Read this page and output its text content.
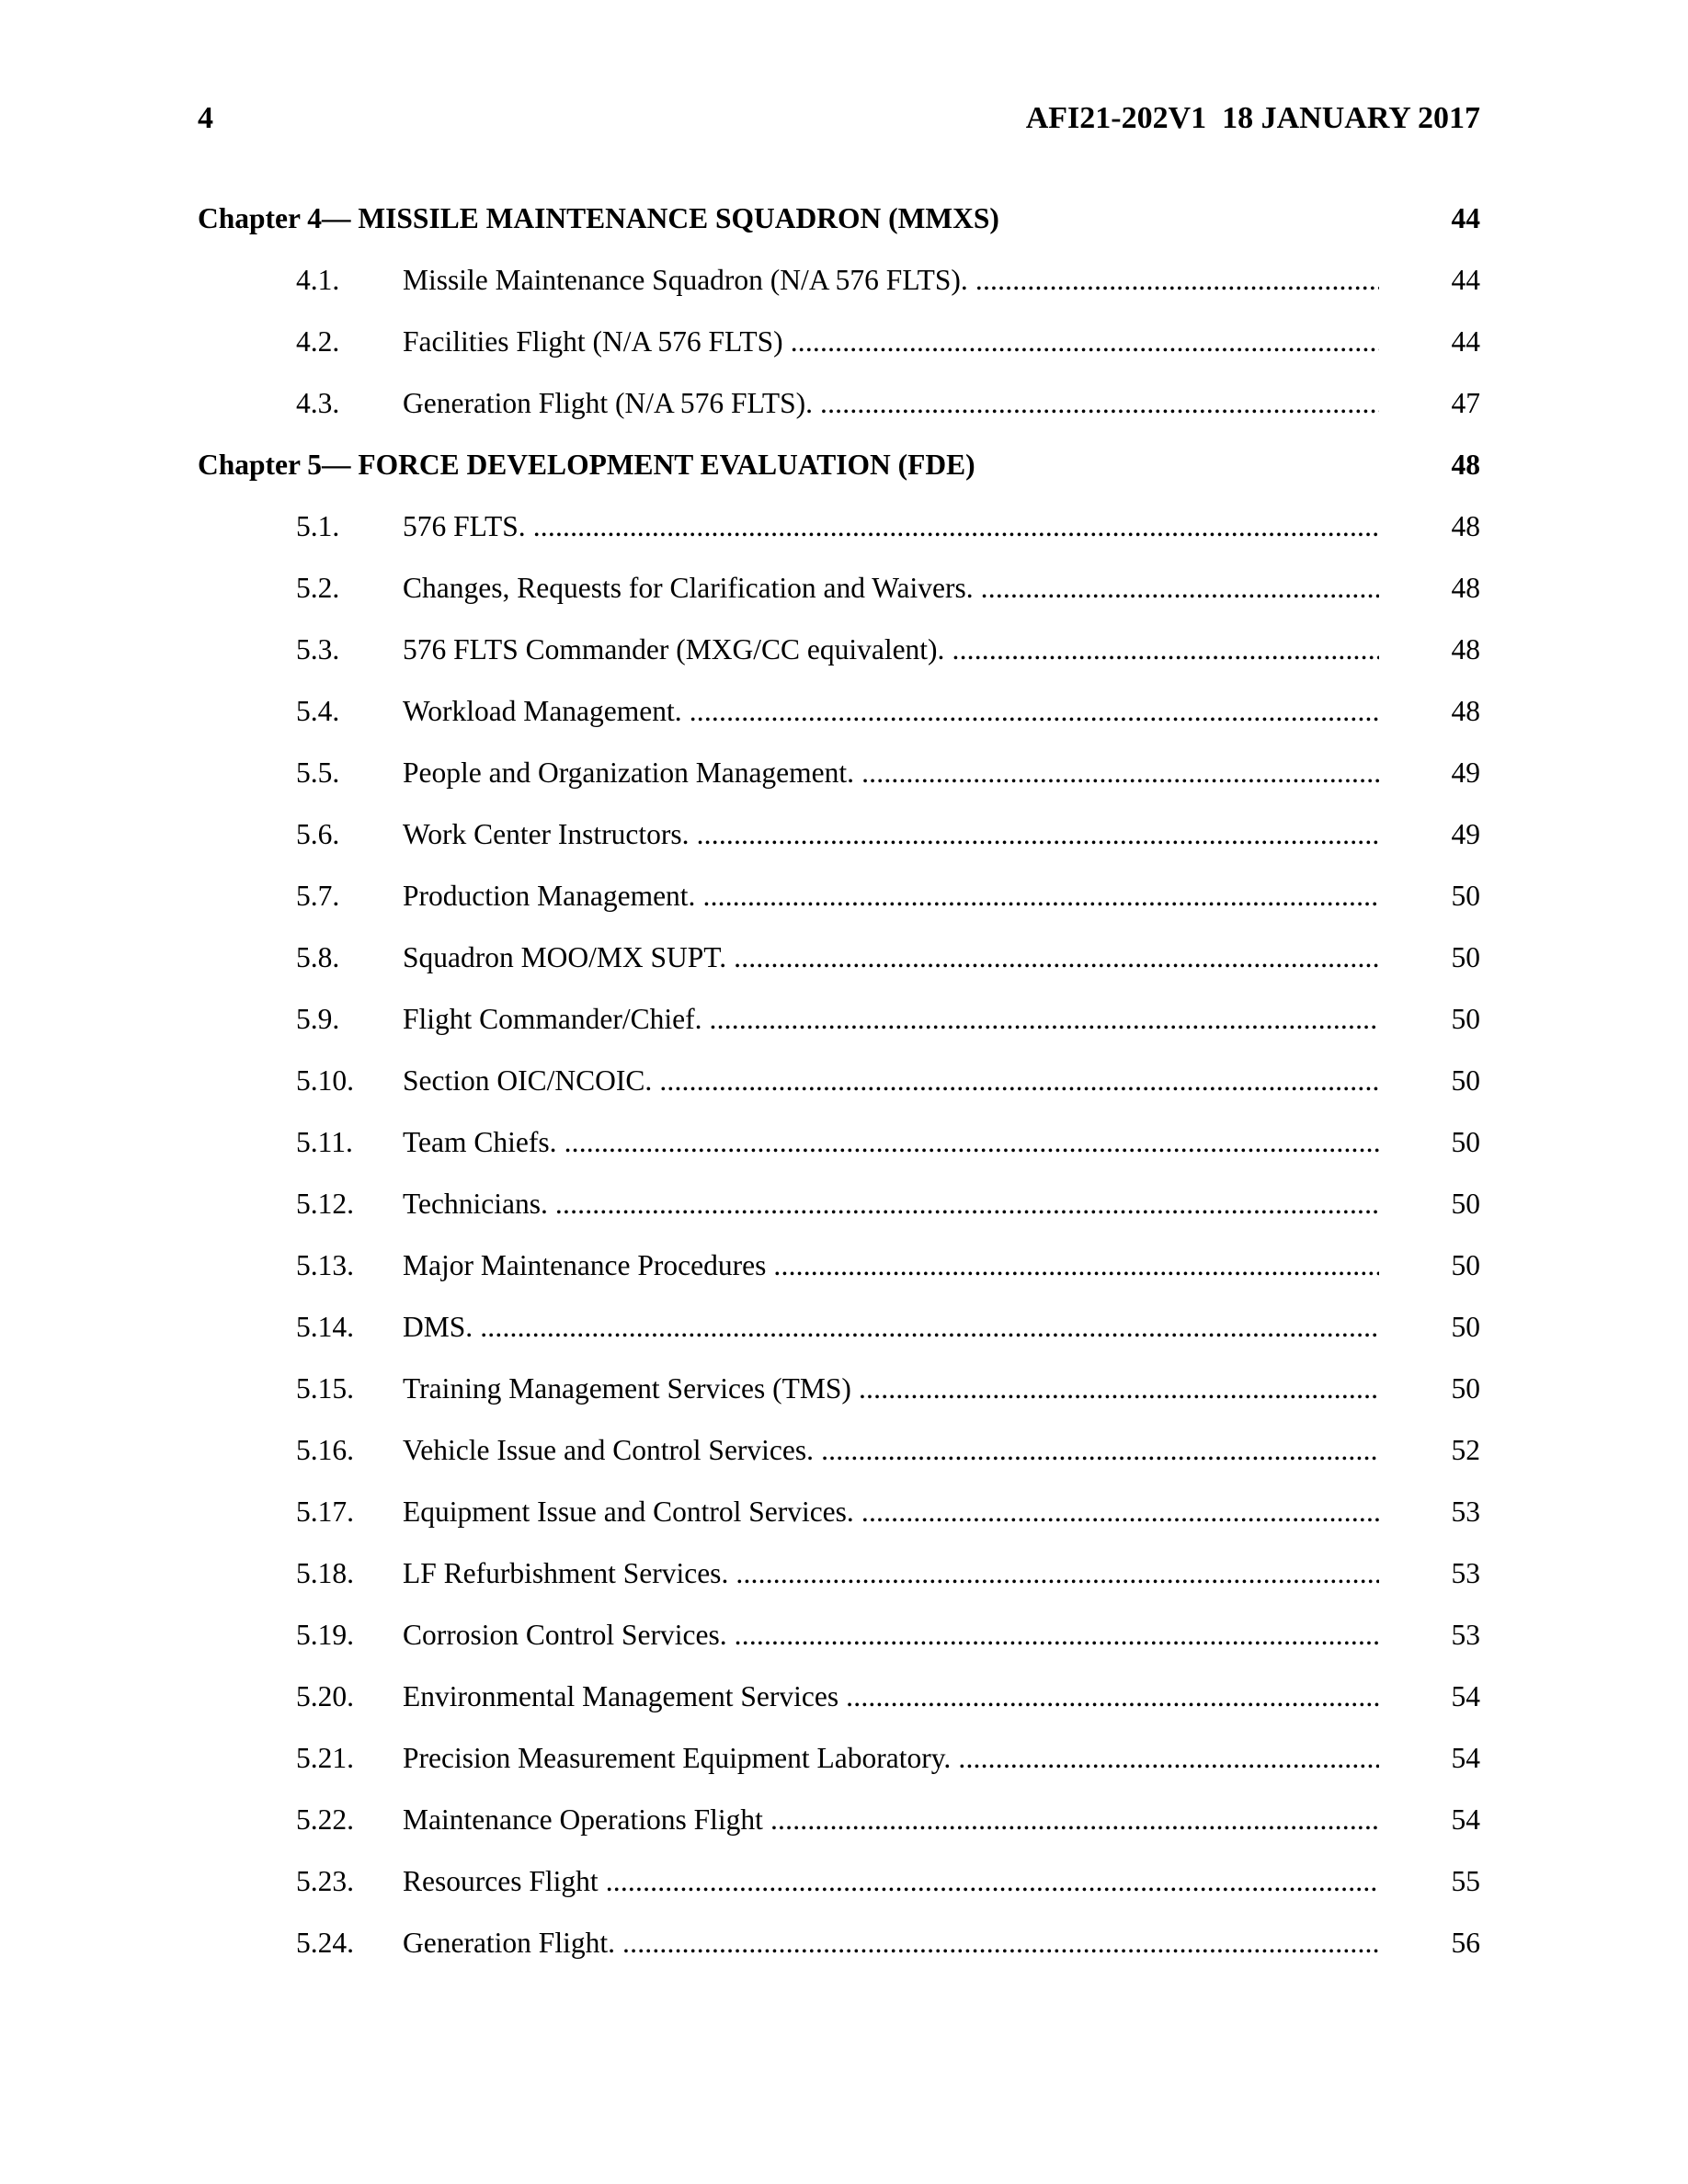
4	AFI21-202V1  18 JANUARY 2017
Chapter 4— MISSILE MAINTENANCE SQUADRON (MMXS)	44
4.1. Missile Maintenance Squadron (N/A 576 FLTS). .....	44
4.2. Facilities Flight (N/A 576 FLTS) .....	44
4.3. Generation Flight (N/A 576 FLTS). .....	47
Chapter 5— FORCE DEVELOPMENT EVALUATION (FDE)	48
5.1. 576 FLTS. .....	48
5.2. Changes, Requests for Clarification and Waivers. .....	48
5.3. 576 FLTS Commander (MXG/CC equivalent). .....	48
5.4. Workload Management. .....	48
5.5. People and Organization Management. .....	49
5.6. Work Center Instructors. .....	49
5.7. Production Management. .....	50
5.8. Squadron MOO/MX SUPT. .....	50
5.9. Flight Commander/Chief. .....	50
5.10. Section OIC/NCOIC. .....	50
5.11. Team Chiefs. .....	50
5.12. Technicians. .....	50
5.13. Major Maintenance Procedures .....	50
5.14. DMS. .....	50
5.15. Training Management Services (TMS) .....	50
5.16. Vehicle Issue and Control Services. .....	52
5.17. Equipment Issue and Control Services. .....	53
5.18. LF Refurbishment Services. .....	53
5.19. Corrosion Control Services. .....	53
5.20. Environmental Management Services .....	54
5.21. Precision Measurement Equipment Laboratory. .....	54
5.22. Maintenance Operations Flight .....	54
5.23. Resources Flight .....	55
5.24. Generation Flight. .....	56
